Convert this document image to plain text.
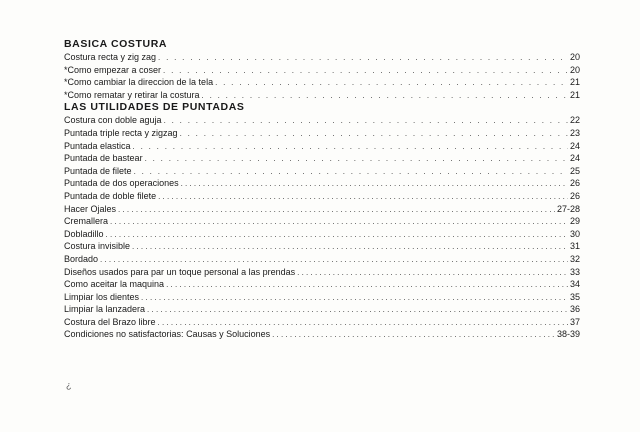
BASICA COSTURA
Costura recta y zig zag . . .	20
*Como empezar a coser . . .	20
*Como cambiar la direccion de la tela . . .	21
*Como rematar y retirar la costura . . .	21
LAS UTILIDADES DE PUNTADAS
Costura con doble aguja . . .	22
Puntada triple recta y zigzag . . .	23
Puntada elastica . . .	24
Puntada de bastear . . .	24
Puntada de filete . . .	25
Puntada de dos operaciones . . .	26
Puntada de doble filete . . .	26
Hacer Ojales . . .	27-28
Cremallera . . .	29
Dobladillo . . .	30
Costura invisible . . .	31
Bordado . . .	32
Diseños usados para par un toque personal a las prendas . . .	33
Como aceitar la maquina . . .	34
Limpiar los dientes . . .	35
Limpiar la lanzadera . . .	36
Costura del Brazo libre . . .	37
Condiciones no satisfactorias: Causas y Soluciones . . .	38-39
¿
